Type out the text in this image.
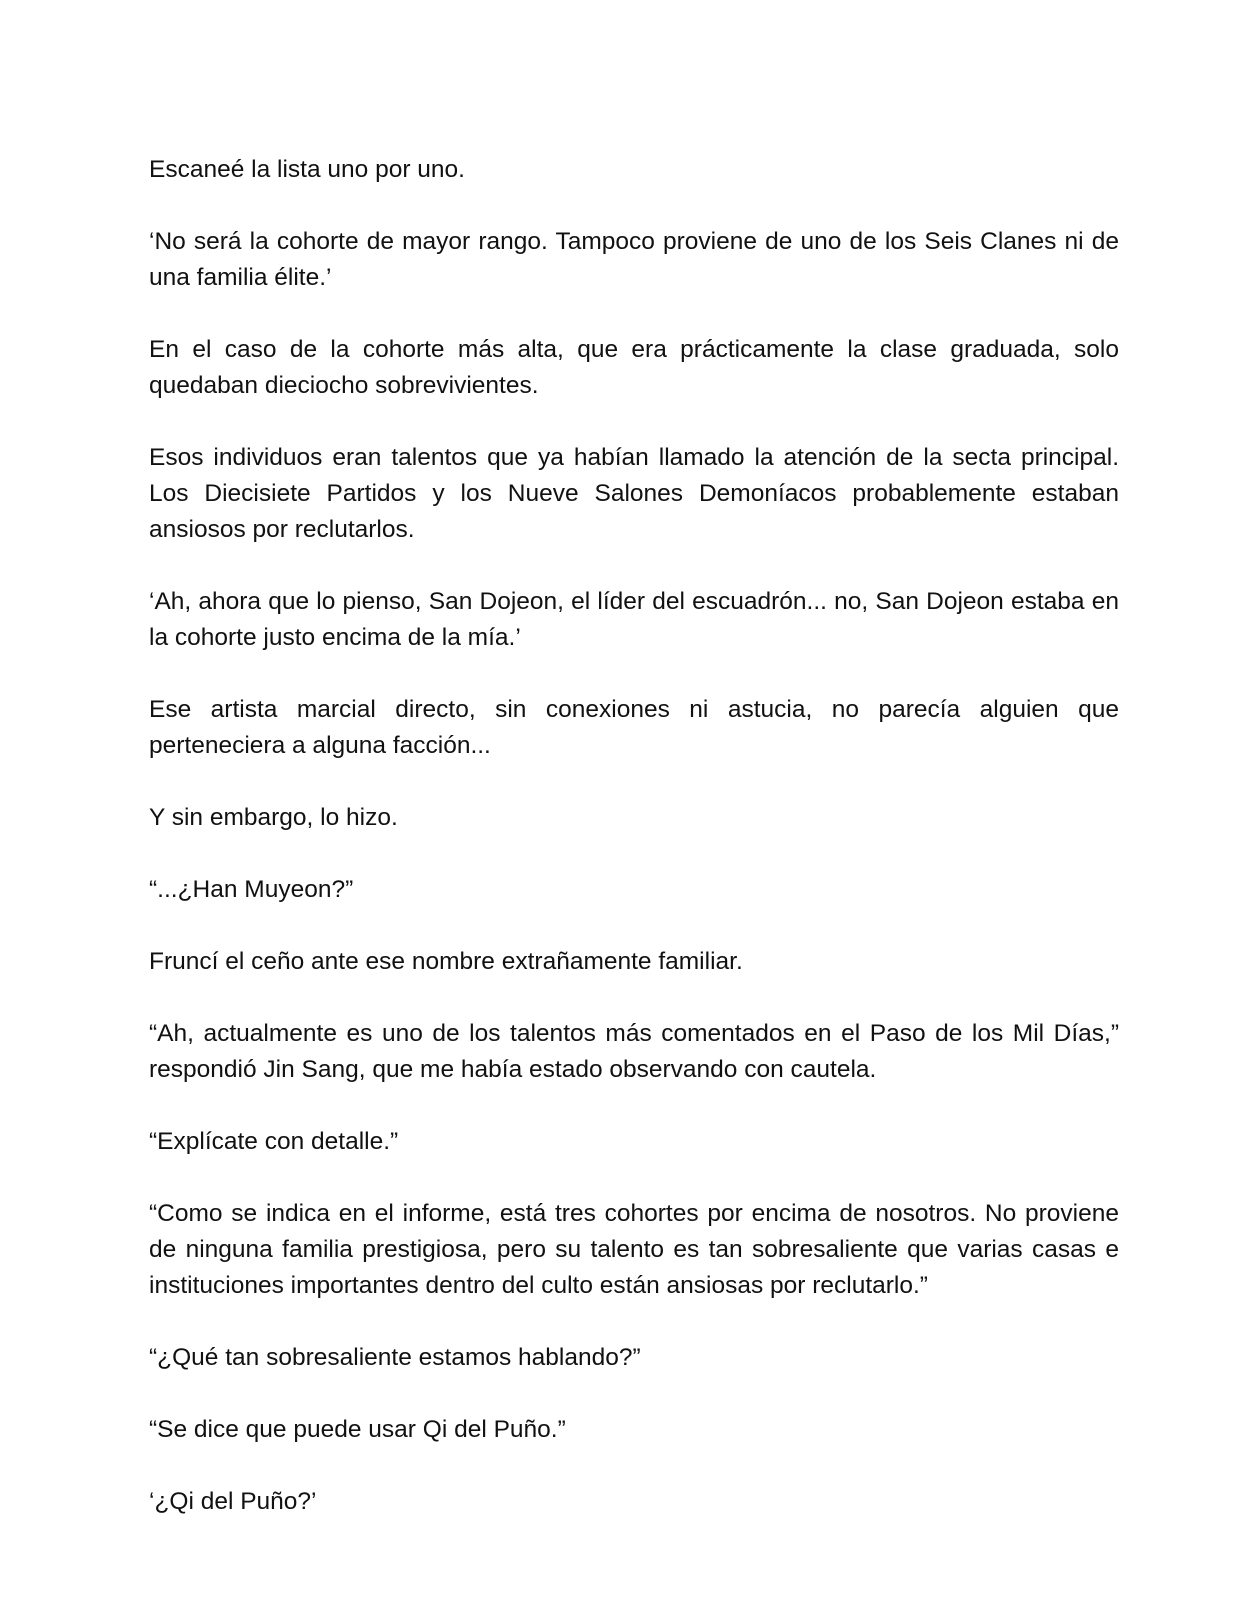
Escaneé la lista uno por uno.

‘No será la cohorte de mayor rango. Tampoco proviene de uno de los Seis Clanes ni de una familia élite.’

En el caso de la cohorte más alta, que era prácticamente la clase graduada, solo quedaban dieciocho sobrevivientes.

Esos individuos eran talentos que ya habían llamado la atención de la secta principal. Los Diecisiete Partidos y los Nueve Salones Demoníacos probablemente estaban ansiosos por reclutarlos.

‘Ah, ahora que lo pienso, San Dojeon, el líder del escuadrón... no, San Dojeon estaba en la cohorte justo encima de la mía.’

Ese artista marcial directo, sin conexiones ni astucia, no parecía alguien que perteneciera a alguna facción...

Y sin embargo, lo hizo.

“...¿Han Muyeon?”

Fruncí el ceño ante ese nombre extrañamente familiar.

“Ah, actualmente es uno de los talentos más comentados en el Paso de los Mil Días,” respondió Jin Sang, que me había estado observando con cautela.

“Explícate con detalle.”

“Como se indica en el informe, está tres cohortes por encima de nosotros. No proviene de ninguna familia prestigiosa, pero su talento es tan sobresaliente que varias casas e instituciones importantes dentro del culto están ansiosas por reclutarlo.”

“¿Qué tan sobresaliente estamos hablando?”

“Se dice que puede usar Qi del Puño.”

‘¿Qi del Puño?’
